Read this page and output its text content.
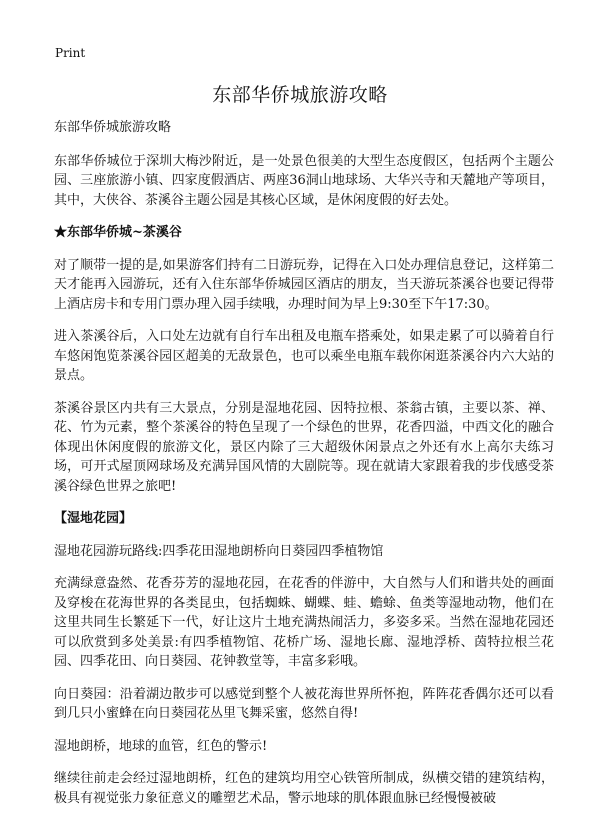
Print
东部华侨城旅游攻略

东部华侨城旅游攻略

东部华侨城位于深圳大梅沙附近，是一处景色很美的大型生态度假区，包括两个主题公园、三座旅游小镇、四家度假酒店、两座36洞山地球场、大华兴寺和天麓地产等项目，其中，大侠谷、茶溪谷主题公园是其核心区域，是休闲度假的好去处。

★东部华侨城~茶溪谷

对了顺带一提的是,如果游客们持有二日游玩券，记得在入口处办理信息登记，这样第二天才能再入园游玩，还有入住东部华侨城园区酒店的朋友，当天游玩茶溪谷也要记得带上酒店房卡和专用门票办理入园手续哦，办理时间为早上9:30至下午17:30。

进入茶溪谷后，入口处左边就有自行车出租及电瓶车搭乘处，如果走累了可以骑着自行车悠闲饱览茶溪谷园区超美的无敌景色，也可以乘坐电瓶车载你闲逛茶溪谷内六大站的景点。

茶溪谷景区内共有三大景点，分别是湿地花园、因特拉根、茶翁古镇，主要以茶、禅、花、竹为元素，整个茶溪谷的特色呈现了一个绿色的世界，花香四溢，中西文化的融合体现出休闲度假的旅游文化，景区内除了三大超级休闲景点之外还有水上高尔夫练习场，可开式屋顶网球场及充满异国风情的大剧院等。现在就请大家跟着我的步伐感受茶溪谷绿色世界之旅吧!

【湿地花园】

湿地花园游玩路线:四季花田湿地朗桥向日葵园四季植物馆

充满绿意盎然、花香芬芳的湿地花园，在花香的伴游中，大自然与人们和谐共处的画面及穿梭在花海世界的各类昆虫，包括蜘蛛、蝴蝶、蛙、蟾蜍、鱼类等湿地动物，他们在这里共同生长繁延下一代，好让这片土地充满热闹活力，多姿多采。当然在湿地花园还可以欣赏到多处美景:有四季植物馆、花桥广场、湿地长廊、湿地浮桥、茵特拉根兰花园、四季花田、向日葵园、花钟教堂等，丰富多彩哦。

向日葵园：沿着湖边散步可以感觉到整个人被花海世界所怀抱，阵阵花香偶尔还可以看到几只小蜜蜂在向日葵园花丛里飞舞采蜜，悠然自得!

湿地朗桥，地球的血管，红色的警示!

继续往前走会经过湿地朗桥，红色的建筑均用空心铁管所制成，纵横交错的建筑结构，极具有视觉张力象征意义的雕塑艺术品，警示地球的肌体跟血脉已经慢慢被破
